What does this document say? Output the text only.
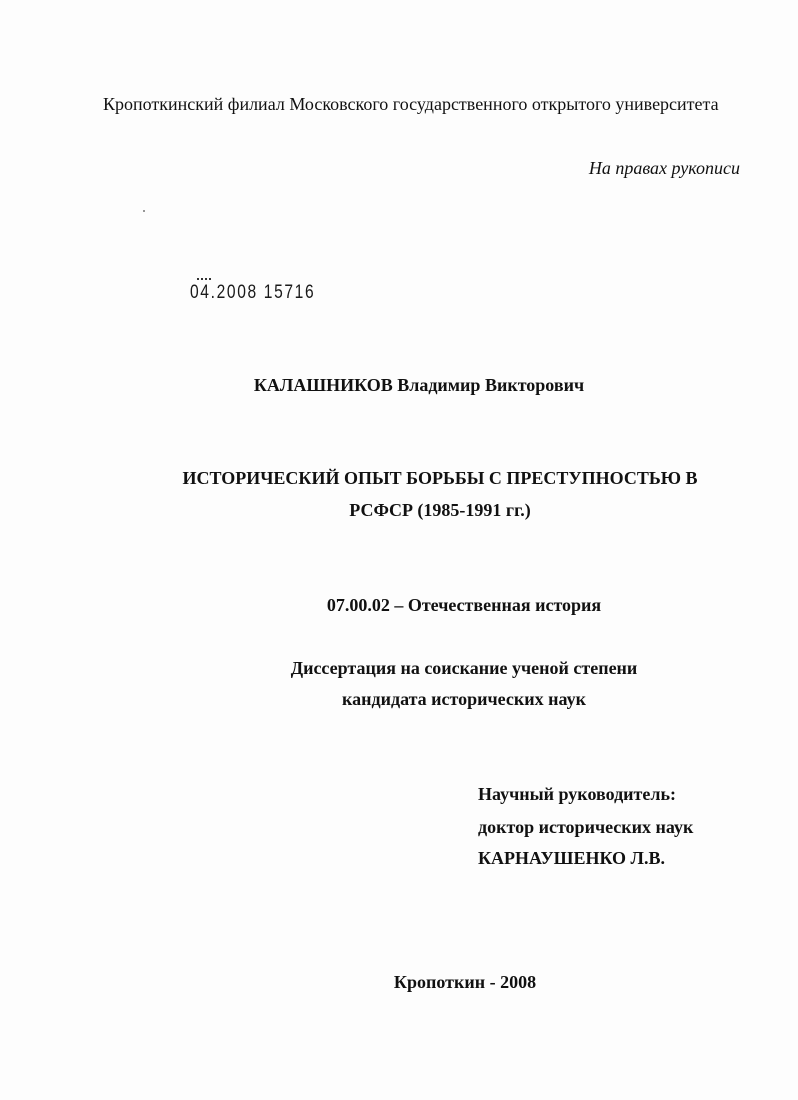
Кропоткинский филиал Московского государственного открытого университета
На правах рукописи
04.2008 15716
КАЛАШНИКОВ Владимир Викторович
ИСТОРИЧЕСКИЙ ОПЫТ БОРЬБЫ С ПРЕСТУПНОСТЬЮ В
РСФСР (1985-1991 гг.)
07.00.02 – Отечественная история
Диссертация на соискание ученой степени
кандидата исторических наук
Научный руководитель:
доктор исторических наук
КАРНАУШЕНКО Л.В.
Кропоткин - 2008
